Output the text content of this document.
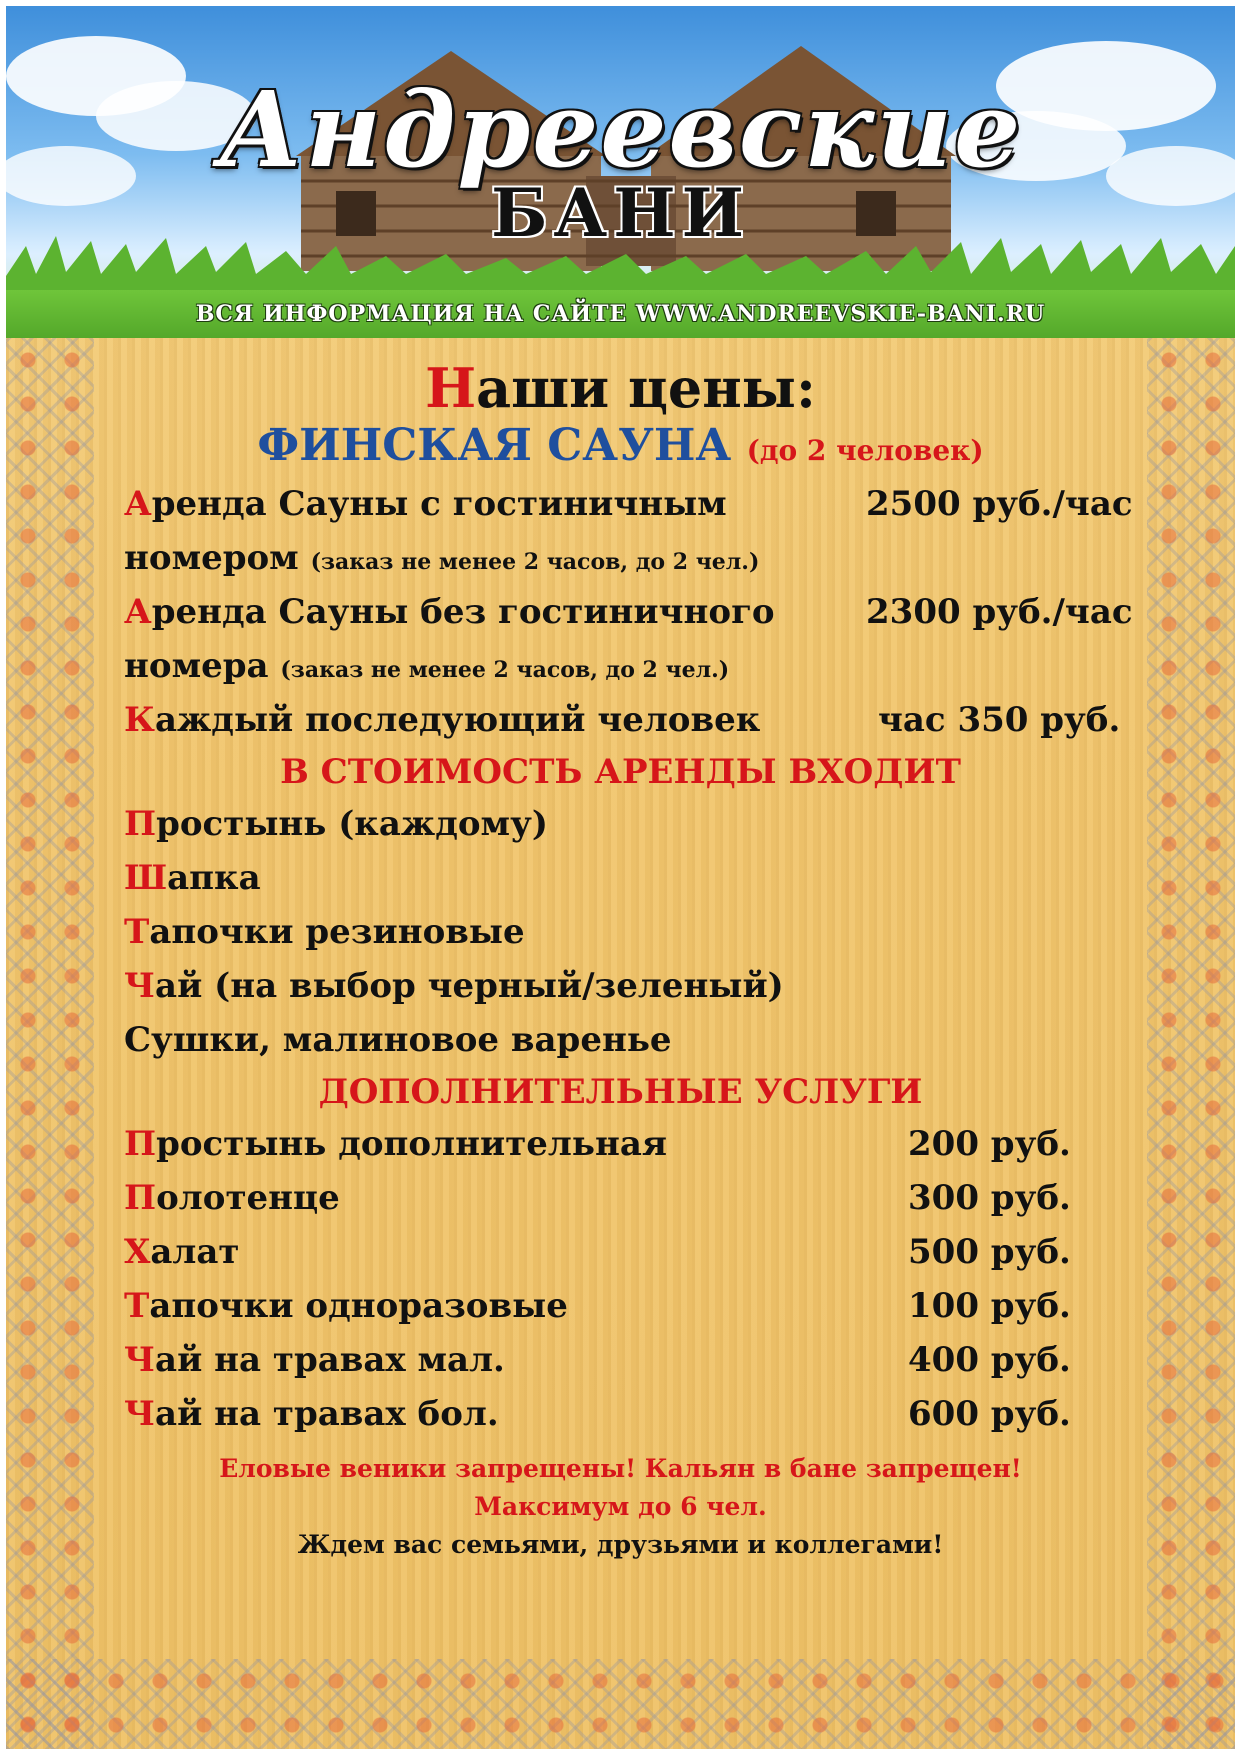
Андреевские
БАНИ
ВСЯ ИНФОРМАЦИЯ НА САЙТЕ WWW.ANDREEVSKIE-BANI.RU
Наши цены:
ФИНСКАЯ САУНА (до 2 человек)
Аренда Сауны с гостиничным	2500 руб./час
номером (заказ не менее 2 часов, до 2 чел.)
Аренда Сауны без гостиничного	2300 руб./час
номера (заказ не менее 2 часов, до 2 чел.)
Каждый последующий человек	час 350 руб.
В СТОИМОСТЬ АРЕНДЫ ВХОДИТ
Простынь (каждому)
Шапка
Тапочки резиновые
Чай (на выбор черный/зеленый)
Сушки, малиновое варенье
ДОПОЛНИТЕЛЬНЫЕ УСЛУГИ
Простынь дополнительная	200 руб.
Полотенце	300 руб.
Халат	500 руб.
Тапочки одноразовые	100 руб.
Чай на травах мал.	400 руб.
Чай на травах бол.	600 руб.
Еловые веники запрещены! Кальян в бане запрещен!
Максимум до 6 чел.
Ждем вас семьями, друзьями и коллегами!
